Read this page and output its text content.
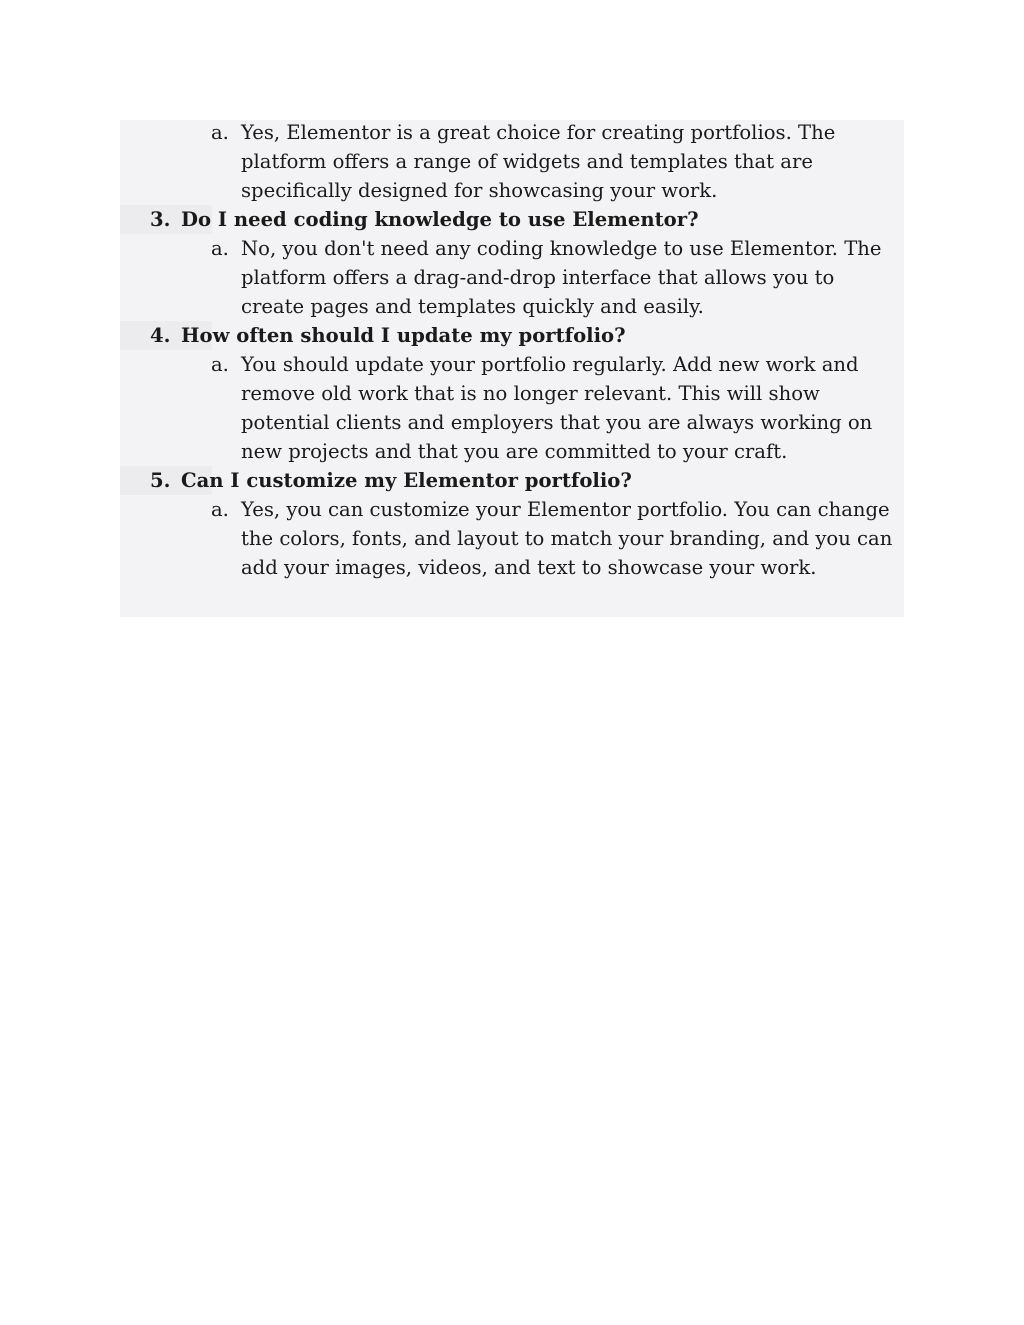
a. Yes, Elementor is a great choice for creating portfolios. The
platform offers a range of widgets and templates that are
specifically designed for showcasing your work.
3. Do I need coding knowledge to use Elementor?
a. No, you don't need any coding knowledge to use Elementor. The
platform offers a drag-and-drop interface that allows you to
create pages and templates quickly and easily.
4. How often should I update my portfolio?
a. You should update your portfolio regularly. Add new work and
remove old work that is no longer relevant. This will show
potential clients and employers that you are always working on
new projects and that you are committed to your craft.
5. Can I customize my Elementor portfolio?
a. Yes, you can customize your Elementor portfolio. You can change
the colors, fonts, and layout to match your branding, and you can
add your images, videos, and text to showcase your work.
